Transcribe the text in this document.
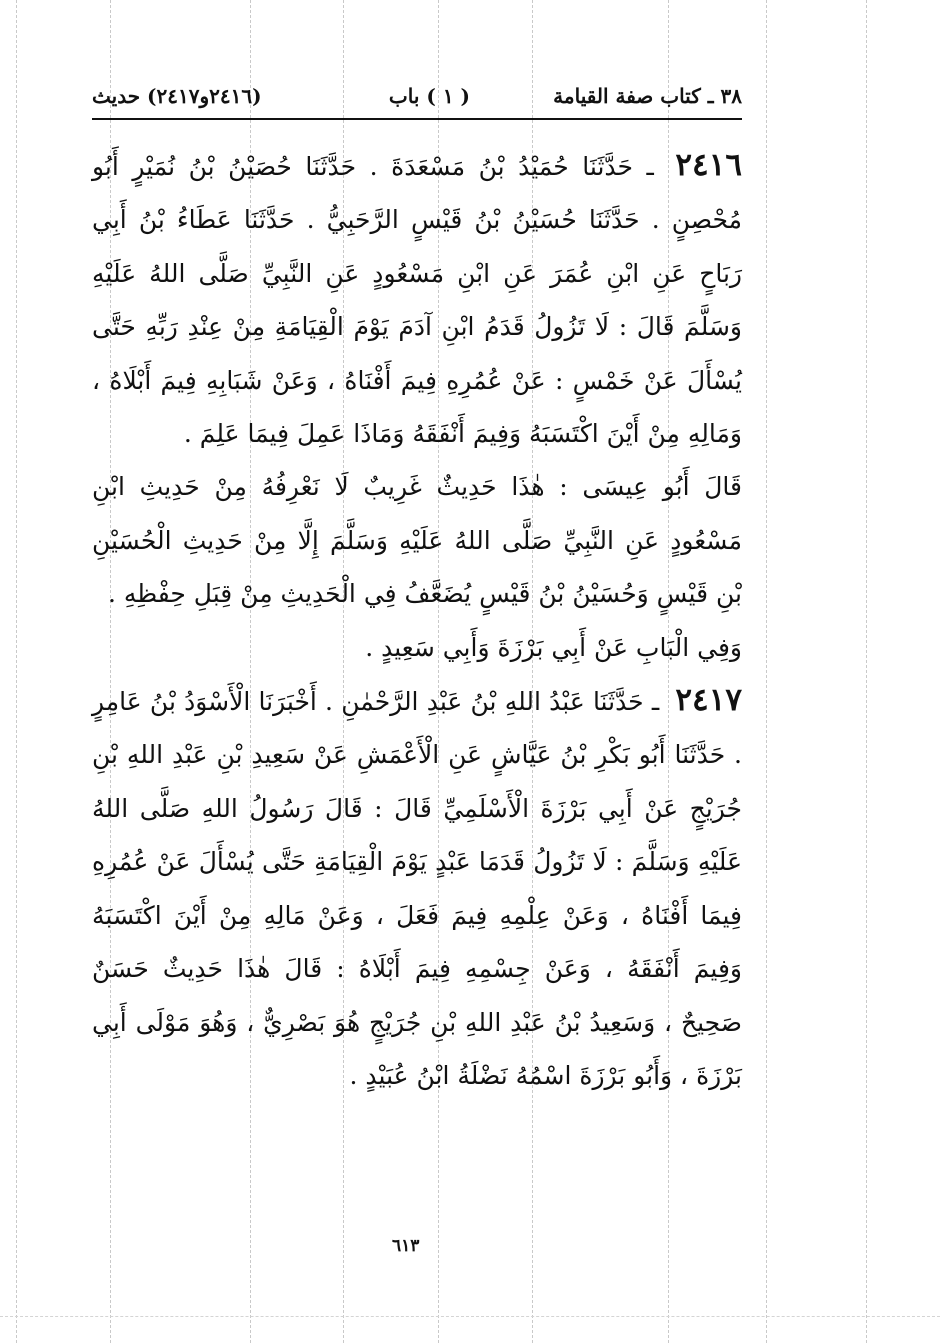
٣٨ ـ كتاب صفة القيامة
( ١ ) باب
(٢٤١٦و٢٤١٧) حديث

٢٤١٦ ـ حَدَّثَنَا حُمَيْدُ بْنُ مَسْعَدَةَ . حَدَّثَنَا حُصَيْنُ بْنُ نُمَيْرٍ أَبُو مُحْصِنٍ . حَدَّثَنَا حُسَيْنُ بْنُ قَيْسٍ الرَّحَبِيُّ . حَدَّثَنَا عَطَاءُ بْنُ أَبِي رَبَاحٍ عَنِ ابْنِ عُمَرَ عَنِ ابْنِ مَسْعُودٍ عَنِ النَّبِيِّ صَلَّى اللهُ عَلَيْهِ وَسَلَّمَ قَالَ : لَا تَزُولُ قَدَمُ ابْنِ آدَمَ يَوْمَ الْقِيَامَةِ مِنْ عِنْدِ رَبِّهِ حَتَّى يُسْأَلَ عَنْ خَمْسٍ : عَنْ عُمُرِهِ فِيمَ أَفْنَاهُ ، وَعَنْ شَبَابِهِ فِيمَ أَبْلَاهُ ، وَمَالِهِ مِنْ أَيْنَ اكْتَسَبَهُ وَفِيمَ أَنْفَقَهُ وَمَاذَا عَمِلَ فِيمَا عَلِمَ .

قَالَ أَبُو عِيسَى : هٰذَا حَدِيثٌ غَرِيبٌ لَا نَعْرِفُهُ مِنْ حَدِيثِ ابْنِ مَسْعُودٍ عَنِ النَّبِيِّ صَلَّى اللهُ عَلَيْهِ وَسَلَّمَ إِلَّا مِنْ حَدِيثِ الْحُسَيْنِ بْنِ قَيْسٍ وَحُسَيْنُ بْنُ قَيْسٍ يُضَعَّفُ فِي الْحَدِيثِ مِنْ قِبَلِ حِفْظِهِ .

وَفِي الْبَابِ عَنْ أَبِي بَرْزَةَ وَأَبِي سَعِيدٍ .

٢٤١٧ ـ حَدَّثَنَا عَبْدُ اللهِ بْنُ عَبْدِ الرَّحْمٰنِ . أَخْبَرَنَا الْأَسْوَدُ بْنُ عَامِرٍ . حَدَّثَنَا أَبُو بَكْرِ بْنُ عَيَّاشٍ عَنِ الْأَعْمَشِ عَنْ سَعِيدِ بْنِ عَبْدِ اللهِ بْنِ جُرَيْجٍ عَنْ أَبِي بَرْزَةَ الْأَسْلَمِيِّ قَالَ : قَالَ رَسُولُ اللهِ صَلَّى اللهُ عَلَيْهِ وَسَلَّمَ : لَا تَزُولُ قَدَمَا عَبْدٍ يَوْمَ الْقِيَامَةِ حَتَّى يُسْأَلَ عَنْ عُمُرِهِ فِيمَا أَفْنَاهُ ، وَعَنْ عِلْمِهِ فِيمَ فَعَلَ ، وَعَنْ مَالِهِ مِنْ أَيْنَ اكْتَسَبَهُ وَفِيمَ أَنْفَقَهُ ، وَعَنْ جِسْمِهِ فِيمَ أَبْلَاهُ : قَالَ هٰذَا حَدِيثٌ حَسَنٌ صَحِيحٌ ، وَسَعِيدُ بْنُ عَبْدِ اللهِ بْنِ جُرَيْجٍ هُوَ بَصْرِيٌّ ، وَهُوَ مَوْلَى أَبِي بَرْزَةَ ، وَأَبُو بَرْزَةَ اسْمُهُ نَضْلَةُ ابْنُ عُبَيْدٍ .

٦١٣
